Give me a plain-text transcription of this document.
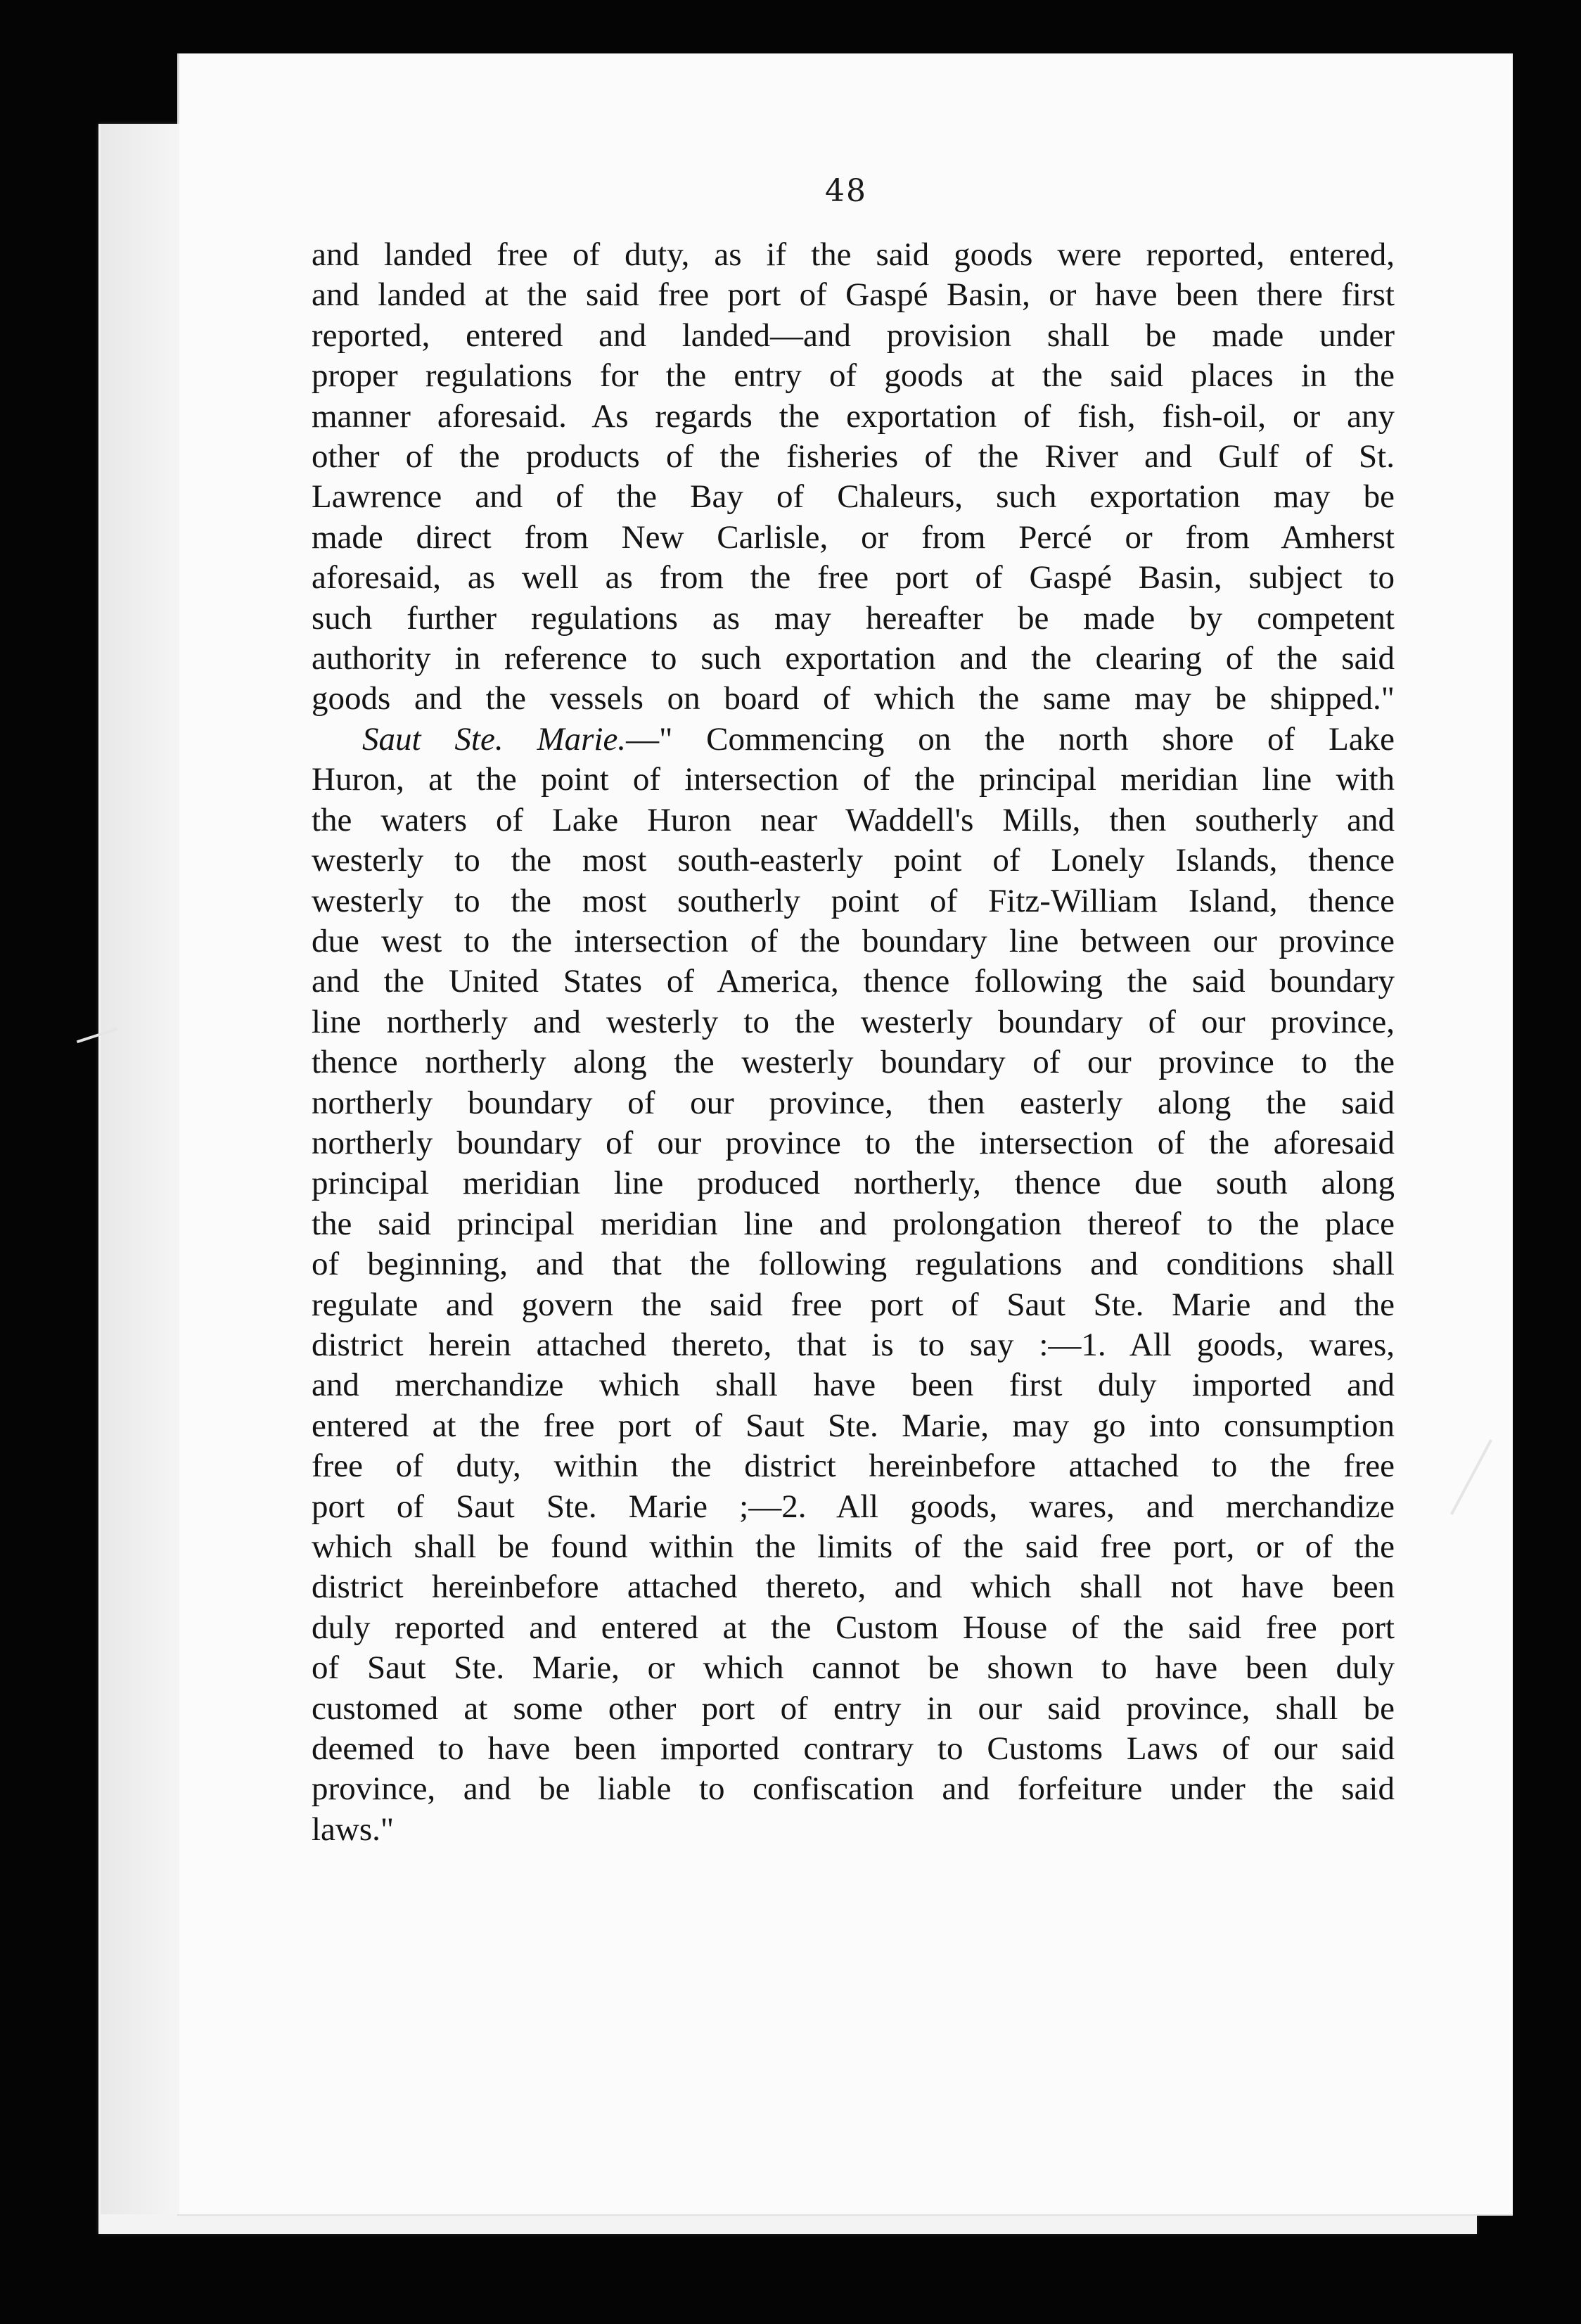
48
and landed free of duty, as if the said goods were reported, entered,
and landed at the said free port of Gaspé Basin, or have been there first
reported, entered and landed—and provision shall be made under
proper regulations for the entry of goods at the said places in the
manner aforesaid. As regards the exportation of fish, fish-oil, or any
other of the products of the fisheries of the River and Gulf of St.
Lawrence and of the Bay of Chaleurs, such exportation may be
made direct from New Carlisle, or from Percé or from Amherst
aforesaid, as well as from the free port of Gaspé Basin, subject to
such further regulations as may hereafter be made by competent
authority in reference to such exportation and the clearing of the said
goods and the vessels on board of which the same may be shipped."
Saut Ste. Marie.—" Commencing on the north shore of Lake
Huron, at the point of intersection of the principal meridian line with
the waters of Lake Huron near Waddell's Mills, then southerly and
westerly to the most south-easterly point of Lonely Islands, thence
westerly to the most southerly point of Fitz-William Island, thence
due west to the intersection of the boundary line between our province
and the United States of America, thence following the said boundary
line northerly and westerly to the westerly boundary of our province,
thence northerly along the westerly boundary of our province to the
northerly boundary of our province, then easterly along the said
northerly boundary of our province to the intersection of the aforesaid
principal meridian line produced northerly, thence due south along
the said principal meridian line and prolongation thereof to the place
of beginning, and that the following regulations and conditions shall
regulate and govern the said free port of Saut Ste. Marie and the
district herein attached thereto, that is to say :—1. All goods, wares,
and merchandize which shall have been first duly imported and
entered at the free port of Saut Ste. Marie, may go into consumption
free of duty, within the district hereinbefore attached to the free
port of Saut Ste. Marie ;—2. All goods, wares, and merchandize
which shall be found within the limits of the said free port, or of the
district hereinbefore attached thereto, and which shall not have been
duly reported and entered at the Custom House of the said free port
of Saut Ste. Marie, or which cannot be shown to have been duly
customed at some other port of entry in our said province, shall be
deemed to have been imported contrary to Customs Laws of our said
province, and be liable to confiscation and forfeiture under the said
laws."
